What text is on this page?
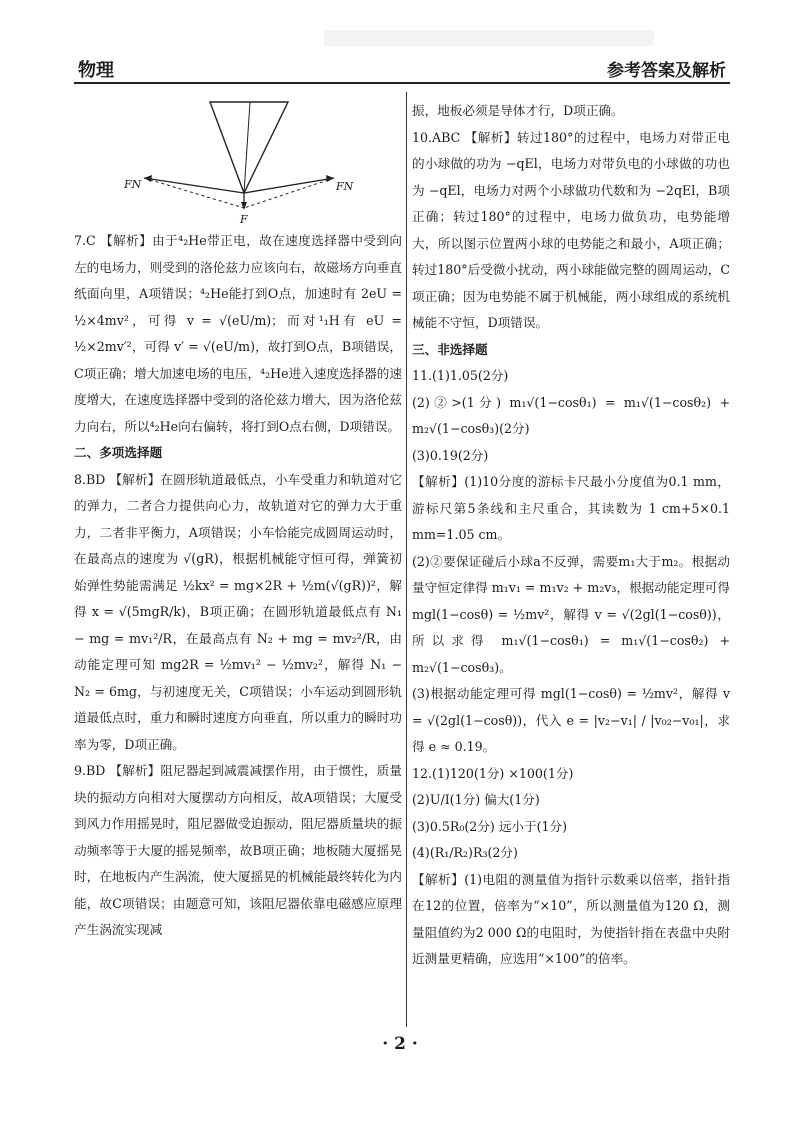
物理	参考答案及解析
FN	FN
F

7.C 【解析】由于⁴₂He带正电，故在速度选择器中受到向左的电场力，则受到的洛伦兹力应该向右，故磁场方向垂直纸面向里，A项错误；⁴₂He能打到O点，加速时有 2eU = ½×4mv²，可得 v = √(eU/m)；而对¹₁H有 eU = ½×2mv′²，可得 v′ = √(eU/m)，故打到O点，B项错误，C项正确；增大加速电场的电压，⁴₂He进入速度选择器的速度增大，在速度选择器中受到的洛伦兹力增大，因为洛伦兹力向右，所以⁴₂He向右偏转，将打到O点右侧，D项错误。

二、多项选择题

8.BD 【解析】在圆形轨道最低点，小车受重力和轨道对它的弹力，二者合力提供向心力，故轨道对它的弹力大于重力，二者非平衡力，A项错误；小车恰能完成圆周运动时，在最高点的速度为 √(gR)，根据机械能守恒可得，弹簧初始弹性势能需满足 ½kx² = mg×2R + ½m(√(gR))²，解得 x = √(5mgR/k)，B项正确；在圆形轨道最低点有 N₁ − mg = mv₁²/R，在最高点有 N₂ + mg = mv₂²/R，由动能定理可知 mg2R = ½mv₁² − ½mv₂²，解得 N₁ − N₂ = 6mg，与初速度无关，C项错误；小车运动到圆形轨道最低点时，重力和瞬时速度方向垂直，所以重力的瞬时功率为零，D项正确。

9.BD 【解析】阻尼器起到减震减摆作用，由于惯性，质量块的振动方向相对大厦摆动方向相反，故A项错误；大厦受到风力作用摇晃时，阻尼器做受迫振动，阻尼器质量块的振动频率等于大厦的摇晃频率，故B项正确；地板随大厦摇晃时，在地板内产生涡流，使大厦摇晃的机械能最终转化为内能，故C项错误；由题意可知，该阻尼器依靠电磁感应原理产生涡流实现减

振，地板必须是导体才行，D项正确。

10.ABC 【解析】转过180°的过程中，电场力对带正电的小球做的功为 −qEl，电场力对带负电的小球做的功也为 −qEl，电场力对两个小球做功代数和为 −2qEl，B项正确；转过180°的过程中，电场力做负功，电势能增大，所以图示位置两小球的电势能之和最小，A项正确；转过180°后受微小扰动，两小球能做完整的圆周运动，C项正确；因为电势能不属于机械能，两小球组成的系统机械能不守恒，D项错误。

三、非选择题

11.(1)1.05(2分)

(2)②>(1分) m₁√(1−cosθ₁) = m₁√(1−cosθ₂) + m₂√(1−cosθ₃)(2分)

(3)0.19(2分)

【解析】(1)10分度的游标卡尺最小分度值为0.1 mm，游标尺第5条线和主尺重合，其读数为 1 cm+5×0.1 mm=1.05 cm。

(2)②要保证碰后小球a不反弹，需要m₁大于m₂。根据动量守恒定律得 m₁v₁ = m₁v₂ + m₂v₃，根据动能定理可得 mgl(1−cosθ) = ½mv²，解得 v = √(2gl(1−cosθ))，所以求得 m₁√(1−cosθ₁) = m₁√(1−cosθ₂) + m₂√(1−cosθ₃)。

(3)根据动能定理可得 mgl(1−cosθ) = ½mv²，解得 v = √(2gl(1−cosθ))，代入 e = |v₂−v₁| / |v₀₂−v₀₁|，求得 e ≈ 0.19。

12.(1)120(1分) ×100(1分)

(2)U/I(1分) 偏大(1分)

(3)0.5R₀(2分) 远小于(1分)

(4)(R₁/R₂)R₃(2分)

【解析】(1)电阻的测量值为指针示数乘以倍率，指针指在12的位置，倍率为“×10”，所以测量值为120 Ω，测量阻值约为2 000 Ω的电阻时，为使指针指在表盘中央附近测量更精确，应选用“×100”的倍率。

· 2 ·
